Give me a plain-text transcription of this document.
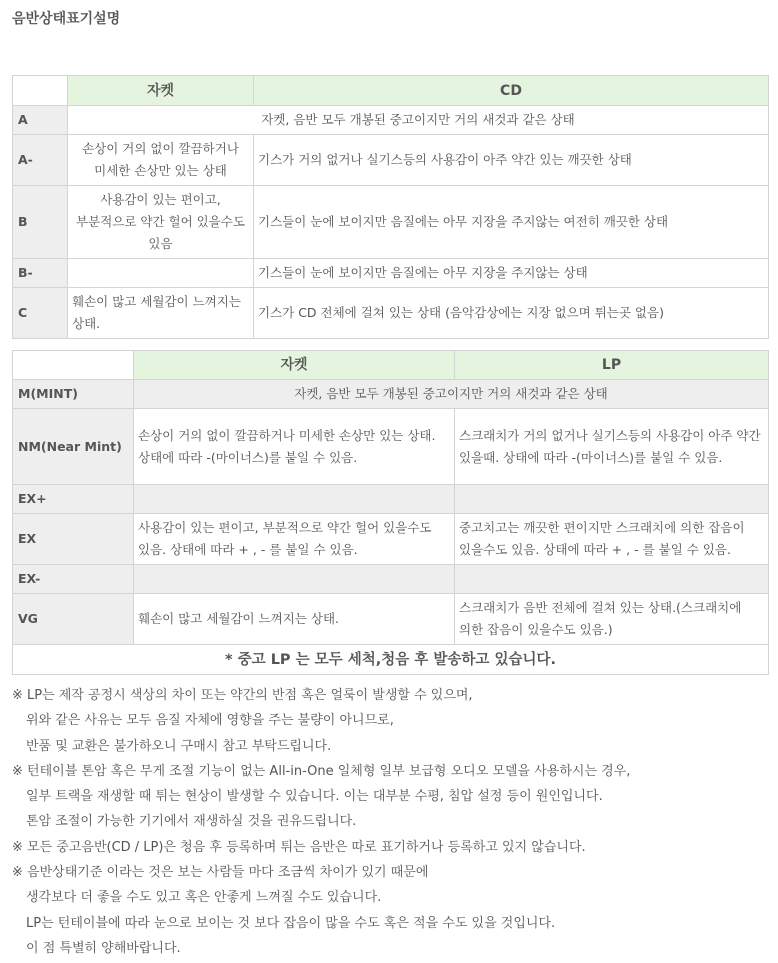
음반상태표기설명
	자켓	CD
A	자켓, 음반 모두 개봉된 중고이지만 거의 새것과 같은 상태	
A-	손상이 거의 없이 깔끔하거나 미세한 손상만 있는 상태	기스가 거의 없거나 실기스등의 사용감이 아주 약간 있는 깨끗한 상태
B	사용감이 있는 편이고, 부분적으로 약간 헐어 있을수도 있음	기스들이 눈에 보이지만 음질에는 아무 지장을 주지않는 여전히 깨끗한 상태
B-		기스들이 눈에 보이지만 음질에는 아무 지장을 주지않는 상태
C	훼손이 많고 세월감이 느껴지는 상태.	기스가 CD 전체에 걸쳐 있는 상태 (음악감상에는 지장 없으며 튀는곳 없음)
	자켓	LP
M(MINT)	자켓, 음반 모두 개봉된 중고이지만 거의 새것과 같은 상태	
NM(Near Mint)	손상이 거의 없이 깔끔하거나 미세한 손상만 있는 상태. 상태에 따라 -(마이너스)를 붙일 수 있음.	스크래치가 거의 없거나 실기스등의 사용감이 아주 약간 있을때. 상태에 따라 -(마이너스)를 붙일 수 있음.
EX+		
EX	사용감이 있는 편이고, 부분적으로 약간 헐어 있을수도 있음. 상태에 따라 + , - 를 붙일 수 있음.	중고치고는 깨끗한 편이지만 스크래치에 의한 잡음이 있을수도 있음. 상태에 따라 + , - 를 붙일 수 있음.
EX-		
VG	훼손이 많고 세월감이 느껴지는 상태.	스크래치가 음반 전체에 걸쳐 있는 상태.(스크래치에 의한 잡음이 있을수도 있음.)
* 중고 LP 는 모두 세척,청음 후 발송하고 있습니다.		

※ LP는 제작 공정시 색상의 차이 또는 약간의 반점 혹은 얼룩이 발생할 수 있으며,

위와 같은 사유는 모두 음질 자체에 영향을 주는 불량이 아니므로,

반품 및 교환은 불가하오니 구매시 참고 부탁드립니다.

※ 턴테이블 톤암 혹은 무게 조절 기능이 없는 All-in-One 일체형 일부 보급형 오디오 모델을 사용하시는 경우,

일부 트랙을 재생할 때 튀는 현상이 발생할 수 있습니다. 이는 대부분 수평, 침압 설정 등이 원인입니다.

톤암 조절이 가능한 기기에서 재생하실 것을 권유드립니다.

※ 모든 중고음반(CD / LP)은 청음 후 등록하며 튀는 음반은 따로 표기하거나 등록하고 있지 않습니다.

※ 음반상태기준 이라는 것은 보는 사람들 마다 조금씩 차이가 있기 때문에

생각보다 더 좋을 수도 있고 혹은 안좋게 느껴질 수도 있습니다.

LP는 턴테이블에 따라 눈으로 보이는 것 보다 잡음이 많을 수도 혹은 적을 수도 있을 것입니다.

이 점 특별히 양해바랍니다.
